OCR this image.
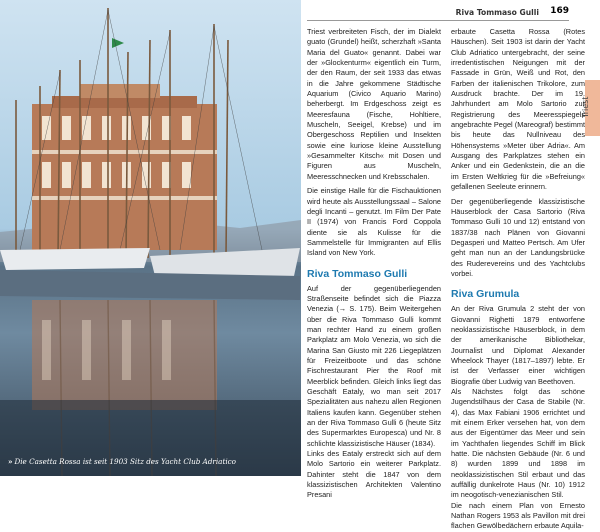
» Die Casetta Rossa ist seit 1903 Sitz des Yacht Club Adriatico
Riva Tommaso Gulli 169
Triest

Triest verbreiteten Fisch, der im Dialekt guato (Grundel) heißt, scherzhaft »Santa Maria del Guato« genannt. Dabei war der »Glockenturm« eigentlich ein Turm, der den Raum, der seit 1933 das etwas in die Jahre gekommene Städtische Aquarium (Civico Aquario Marino) beherbergt. Im Erdgeschoss zeigt es Meeresfauna (Fische, Hohltiere, Muscheln, Seeigel, Krebse) und im Obergeschoss Reptilien und Insekten sowie eine kuriose kleine Ausstellung »Gesammelter Kitsch« mit Dosen und Figuren aus Muscheln, Meeresschnecken und Krebsschalen.

Die einstige Halle für die Fischauktionen wird heute als Ausstellungssaal – Salone degli Incanti – genutzt. Im Film Der Pate II (1974) von Francis Ford Coppola diente sie als Kulisse für die Sammelstelle für Immigranten auf Ellis Island von New York.

Riva Tommaso Gulli

Auf der gegenüberliegenden Straßenseite befindet sich die Piazza Venezia (→ S. 175). Beim Weitergehen über die Riva Tommaso Gulli kommt man rechter Hand zu einem großen Parkplatz am Molo Venezia, wo sich die Marina San Giusto mit 226 Liegeplätzen für Freizeitboote und das schöne Fischrestaurant Pier the Roof mit Meerblick befinden. Gleich links liegt das Geschäft Eataly, wo man seit 2017 Spezialitäten aus nahezu allen Regionen Italiens kaufen kann. Gegenüber stehen an der Riva Tommaso Gulli 6 (heute Sitz des Supermarktes Europesca) und Nr. 8 schlichte klassizistische Häuser (1834).

Links des Eataly erstreckt sich auf dem Molo Sartorio ein weiterer Parkplatz. Dahinter steht die 1847 von dem klassizistischen Architekten Valentino Presani

erbaute Casetta Rossa (Rotes Häuschen). Seit 1903 ist darin der Yacht Club Adriatico untergebracht, der seine irredentistischen Neigungen mit der Fassade in Grün, Weiß und Rot, den Farben der italienischen Trikolore, zum Ausdruck brachte. Der im 19. Jahrhundert am Molo Sartorio zur Registrierung des Meeresspiegels angebrachte Pegel (Mareograf) bestimmt bis heute das Nullniveau des Höhensystems »Meter über Adria«. Am Ausgang des Parkplatzes stehen ein Anker und ein Gedenkstein, die an die im Ersten Weltkrieg für die »Befreiung« gefallenen Seeleute erinnern.

Der gegenüberliegende klassizistische Häuserblock der Casa Sartorio (Riva Tommaso Gulli 10 und 12) entstand von 1837/38 nach Plänen von Giovanni Degasperi und Matteo Pertsch. Am Ufer geht man nun an der Landungsbrücke des Ruderevereins und des Yachtclubs vorbei.

Riva Grumula

An der Riva Grumula 2 steht der von Giovanni Righetti 1879 entworfene neoklassizistische Häuserblock, in dem der amerikanische Bibliothekar, Journalist und Diplomat Alexander Wheelock Thayer (1817–1897) lebte. Er ist der Verfasser einer wichtigen Biografie über Ludwig van Beethoven.

Als Nächstes folgt das schöne Jugendstilhaus der Casa de Stabile (Nr. 4), das Max Fabiani 1906 errichtet und mit einem Erker versehen hat, von dem aus der Eigentümer das Meer und sein im Yachthafen liegendes Schiff im Blick hatte. Die nächsten Gebäude (Nr. 6 und 8) wurden 1899 und 1898 im neoklassizistischen Stil erbaut und das auffällig dunkelrote Haus (Nr. 10) 1912 im neogotisch-venezianischen Stil.

Die nach einem Plan von Ernesto Nathan Rogers 1953 als Pavillon mit drei flachen Gewölbedächern erbaute Aquila-
